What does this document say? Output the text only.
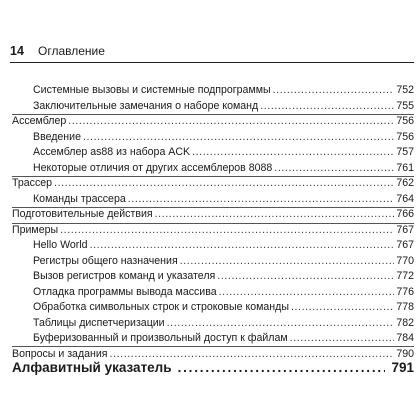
14	Оглавление
Системные вызовы и системные подпрограммы .....	752
Заключительные замечания о наборе команд .....	755
Ассемблер .....	756
Введение .....	756
Ассемблер as88 из набора ACK .....	757
Некоторые отличия от других ассемблеров 8088 .....	761
Трассер .....	762
Команды трассера .....	764
Подготовительные действия .....	766
Примеры .....	767
Hello World .....	767
Регистры общего назначения .....	770
Вызов регистров команд и указателя .....	772
Отладка программы вывода массива .....	776
Обработка символьных строк и строковые команды .....	778
Таблицы диспетчеризации .....	782
Буферизованный и произвольный доступ к файлам .....	784
Вопросы и задания .....	790
Алфавитный указатель .....	791
